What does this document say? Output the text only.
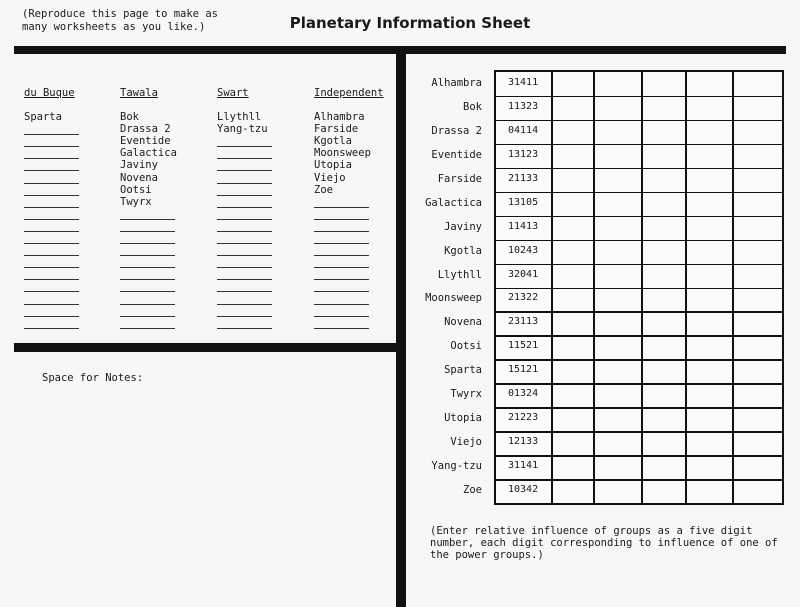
(Reproduce this page to make as
many worksheets as you like.)	Planetary Information Sheet
du Buque
Sparta
Tawala
Bok
Drassa 2
Eventide
Galactica
Javiny
Novena
Ootsi
Twyrx
Swart
Llythll
Yang-tzu
Independent
Alhambra
Farside
Kgotla
Moonsweep
Utopia
Viejo
Zoe
Space for Notes:
Alhambra
Bok
Drassa 2
Eventide
Farside
Galactica
Javiny
Kgotla
Llythll
Moonsweep
Novena
Ootsi
Sparta
Twyrx
Utopia
Viejo
Yang-tzu
Zoe
31411
11323
04114
13123
21133
13105
11413
10243
32041
21322
23113
11521
15121
01324
21223
12133
31141
10342
(Enter relative influence of groups as a five digit number, each digit corresponding to influence of one of the power groups.)
